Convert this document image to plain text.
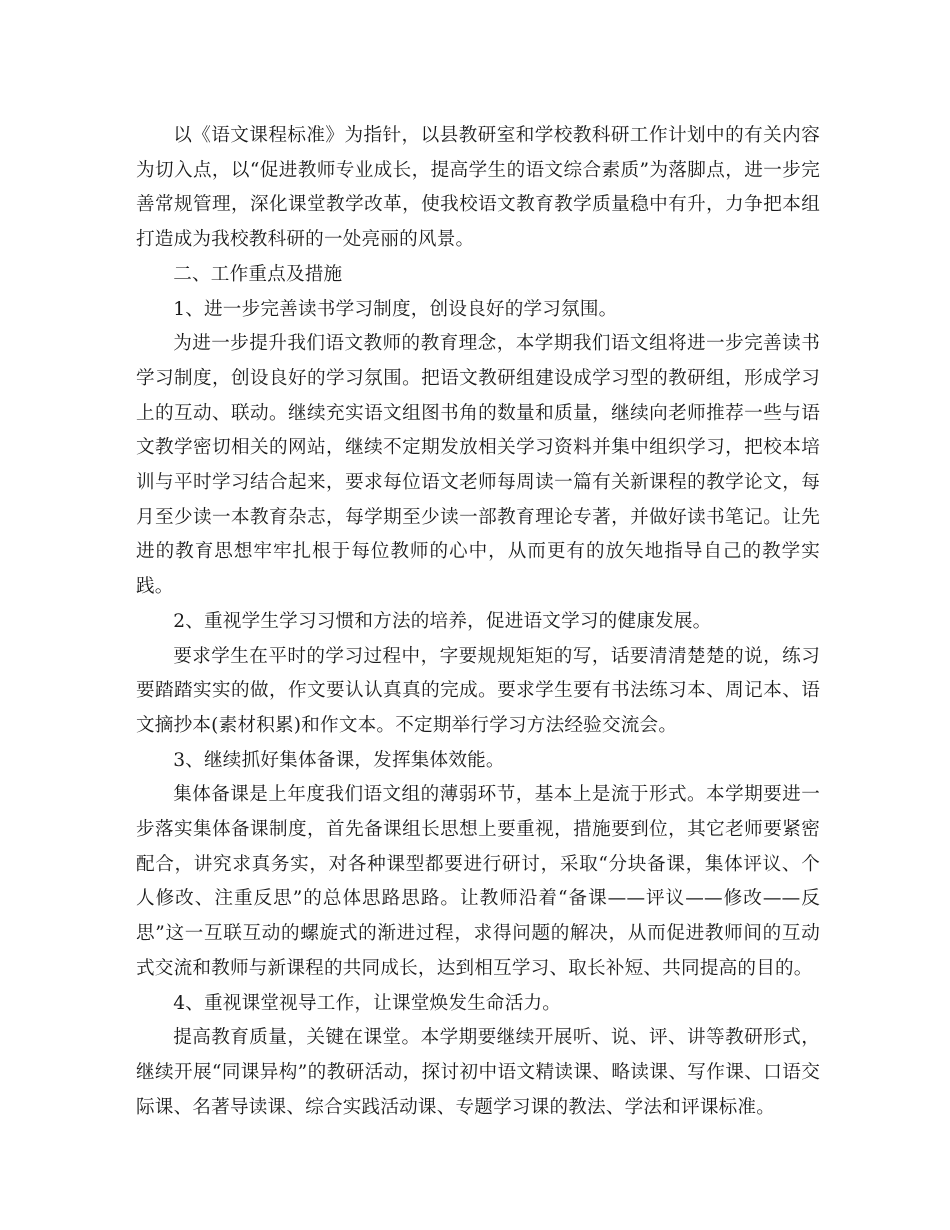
以《语文课程标准》为指针，以县教研室和学校教科研工作计划中的有关内容为切入点，以“促进教师专业成长，提高学生的语文综合素质”为落脚点，进一步完善常规管理，深化课堂教学改革，使我校语文教育教学质量稳中有升，力争把本组打造成为我校教科研的一处亮丽的风景。

二、工作重点及措施

1、进一步完善读书学习制度，创设良好的学习氛围。

为进一步提升我们语文教师的教育理念，本学期我们语文组将进一步完善读书学习制度，创设良好的学习氛围。把语文教研组建设成学习型的教研组，形成学习上的互动、联动。继续充实语文组图书角的数量和质量，继续向老师推荐一些与语文教学密切相关的网站，继续不定期发放相关学习资料并集中组织学习，把校本培训与平时学习结合起来，要求每位语文老师每周读一篇有关新课程的教学论文，每月至少读一本教育杂志，每学期至少读一部教育理论专著，并做好读书笔记。让先进的教育思想牢牢扎根于每位教师的心中，从而更有的放矢地指导自己的教学实践。

2、重视学生学习习惯和方法的培养，促进语文学习的健康发展。

要求学生在平时的学习过程中，字要规规矩矩的写，话要清清楚楚的说，练习要踏踏实实的做，作文要认认真真的完成。要求学生要有书法练习本、周记本、语文摘抄本(素材积累)和作文本。不定期举行学习方法经验交流会。

3、继续抓好集体备课，发挥集体效能。

集体备课是上年度我们语文组的薄弱环节，基本上是流于形式。本学期要进一步落实集体备课制度，首先备课组长思想上要重视，措施要到位，其它老师要紧密配合，讲究求真务实，对各种课型都要进行研讨，采取“分块备课，集体评议、个人修改、注重反思”的总体思路思路。让教师沿着“备课——评议——修改——反思”这一互联互动的螺旋式的渐进过程，求得问题的解决，从而促进教师间的互动式交流和教师与新课程的共同成长，达到相互学习、取长补短、共同提高的目的。

4、重视课堂视导工作，让课堂焕发生命活力。

提高教育质量，关键在课堂。本学期要继续开展听、说、评、讲等教研形式，继续开展“同课异构”的教研活动，探讨初中语文精读课、略读课、写作课、口语交际课、名著导读课、综合实践活动课、专题学习课的教法、学法和评课标准。
